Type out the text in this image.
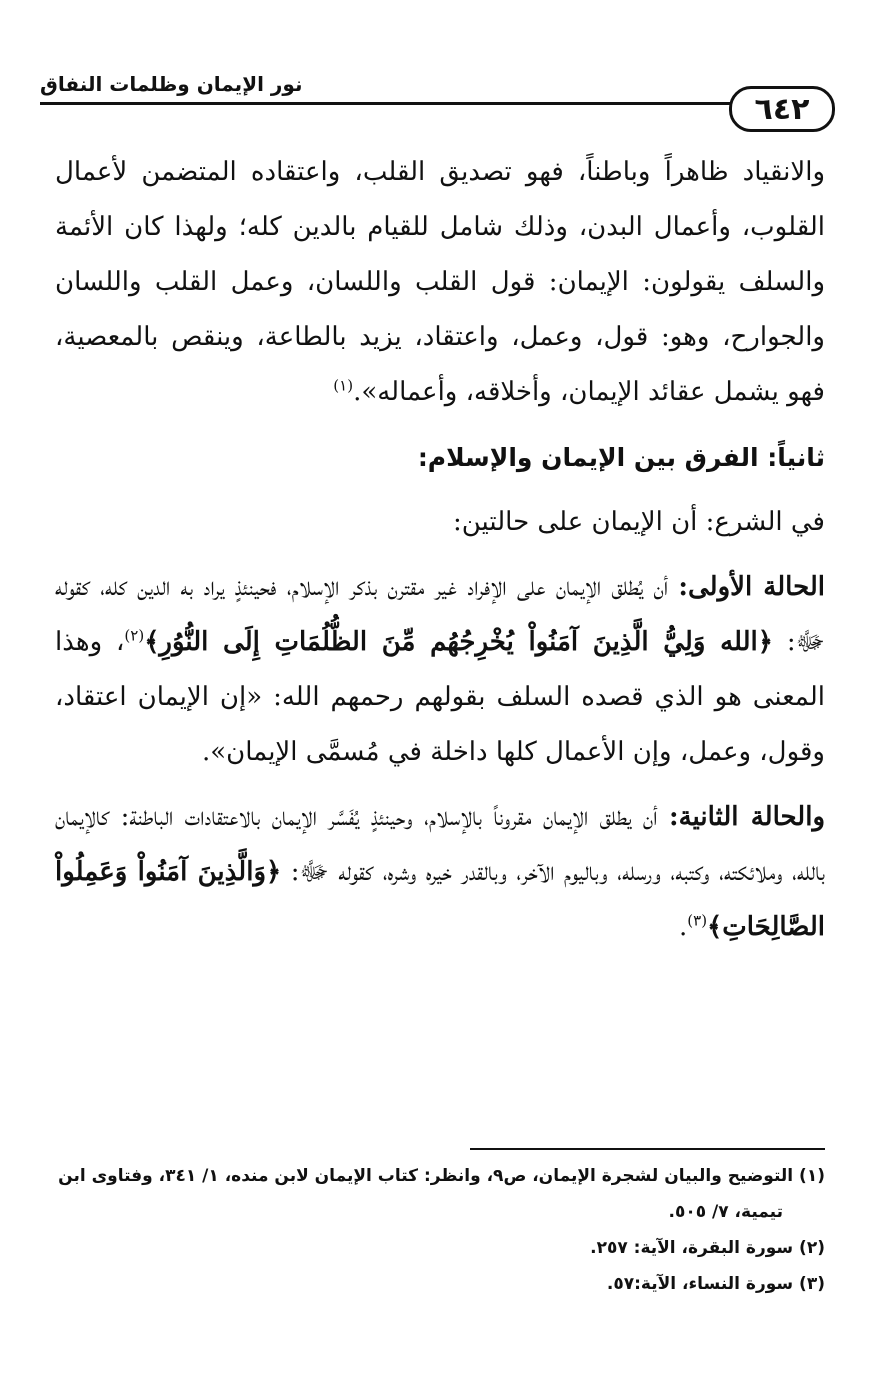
٦٤٢
نور الإيمان وظلمات النفاق

والانقياد ظاهراً وباطناً، فهو تصديق القلب، واعتقاده المتضمن لأعمال القلوب، وأعمال البدن، وذلك شامل للقيام بالدين كله؛ ولهذا كان الأئمة والسلف يقولون: الإيمان: قول القلب واللسان، وعمل القلب واللسان والجوارح، وهو: قول، وعمل، واعتقاد، يزيد بالطاعة، وينقص بالمعصية، فهو يشمل عقائد الإيمان، وأخلاقه، وأعماله».$^{(١)}$

ثانياً: الفرق بين الإيمان والإسلام:

في الشرع: أن الإيمان على حالتين:

الحالة الأولى: أن يُطلق الإيمان على الإفراد غير مقترن بذكر الإسلام، فحينئذٍ يراد به الدين كله، كقوله ﷻ: ﴿الله وَلِيُّ الَّذِينَ آمَنُواْ يُخْرِجُهُم مِّنَ الظُّلُمَاتِ إِلَى النُّوُرِ﴾$^{(٢)}$، وهذا المعنى هو الذي قصده السلف بقولهم رحمهم الله: «إن الإيمان اعتقاد، وقول، وعمل، وإن الأعمال كلها داخلة في مُسمَّى الإيمان».

والحالة الثانية: أن يطلق الإيمان مقروناً بالإسلام، وحينئذٍ يُفَسَّر الإيمان بالاعتقادات الباطنة: كالإيمان بالله، وملائكته، وكتبه، ورسله، وباليوم الآخر، وبالقدر خيره وشره، كقوله ﷻ: ﴿وَالَّذِينَ آمَنُواْ وَعَمِلُواْ الصَّالِحَاتِ﴾$^{(٣)}$.

(١) التوضيح والبيان لشجرة الإيمان، ص٩، وانظر: كتاب الإيمان لابن منده، ١/ ٣٤١، وفتاوى ابن

تيمية، ٧/ ٥٠٥.

(٢) سورة البقرة، الآية: ٢٥٧.

(٣) سورة النساء، الآية:٥٧.
